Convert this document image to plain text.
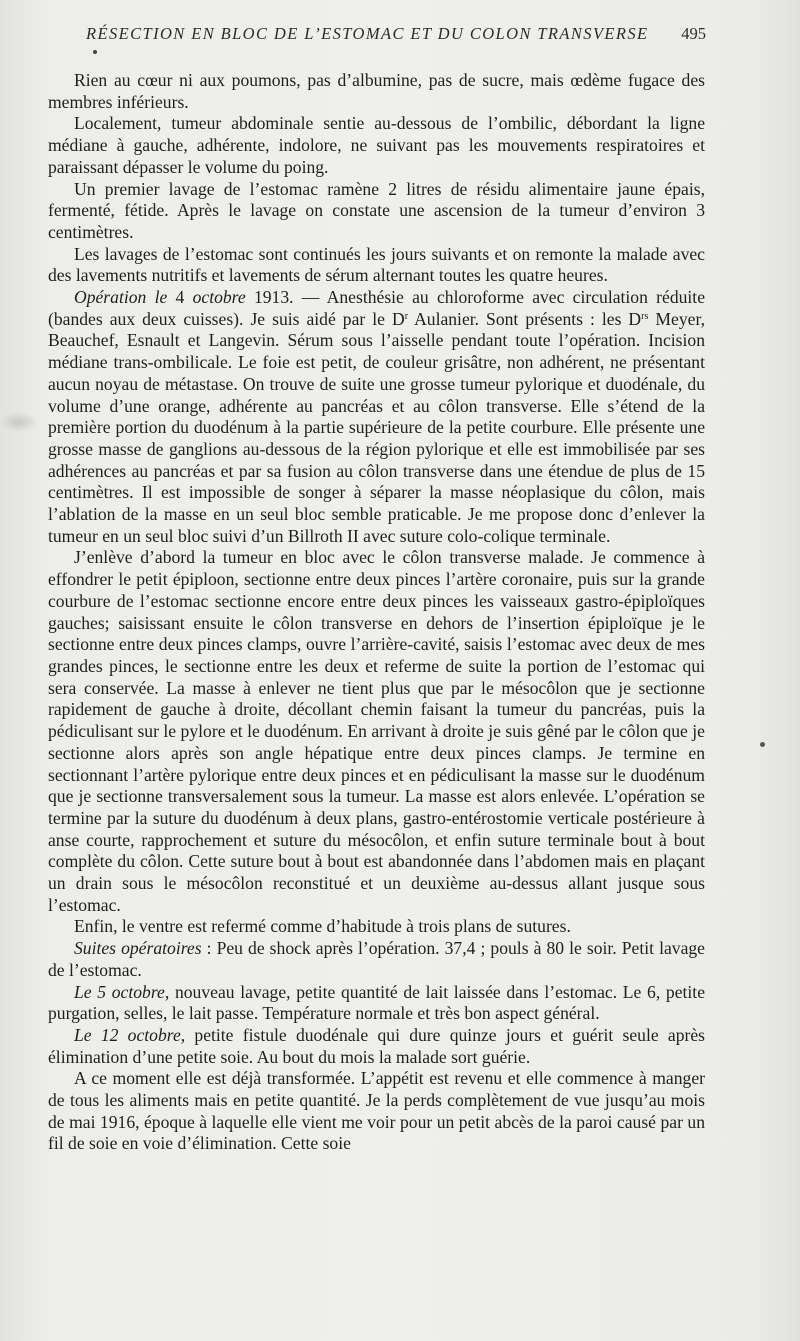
RÉSECTION EN BLOC DE L’ESTOMAC ET DU COLON TRANSVERSE 495

Rien au cœur ni aux poumons, pas d’albumine, pas de sucre, mais œdème fugace des membres inférieurs.

Localement, tumeur abdominale sentie au-dessous de l’ombilic, débordant la ligne médiane à gauche, adhérente, indolore, ne suivant pas les mouvements respiratoires et paraissant dépasser le volume du poing.

Un premier lavage de l’estomac ramène 2 litres de résidu alimentaire jaune épais, fermenté, fétide. Après le lavage on constate une ascension de la tumeur d’environ 3 centimètres.

Les lavages de l’estomac sont continués les jours suivants et on remonte la malade avec des lavements nutritifs et lavements de sérum alternant toutes les quatre heures.

Opération le 4 octobre 1913. — Anesthésie au chloroforme avec circulation réduite (bandes aux deux cuisses). Je suis aidé par le $D^r$ Aulanier. Sont présents : les $D^{rs}$ Meyer, Beauchef, Esnault et Langevin. Sérum sous l’aisselle pendant toute l’opération. Incision médiane trans-ombilicale. Le foie est petit, de couleur grisâtre, non adhérent, ne présentant aucun noyau de métastase. On trouve de suite une grosse tumeur pylorique et duodénale, du volume d’une orange, adhérente au pancréas et au côlon transverse. Elle s’étend de la première portion du duodénum à la partie supérieure de la petite courbure. Elle présente une grosse masse de ganglions au-dessous de la région pylorique et elle est immobilisée par ses adhérences au pancréas et par sa fusion au côlon transverse dans une étendue de plus de 15 centimètres. Il est impossible de songer à séparer la masse néoplasique du côlon, mais l’ablation de la masse en un seul bloc semble praticable. Je me propose donc d’enlever la tumeur en un seul bloc suivi d’un Billroth II avec suture colo-colique terminale.

J’enlève d’abord la tumeur en bloc avec le côlon transverse malade. Je commence à effondrer le petit épiploon, sectionne entre deux pinces l’artère coronaire, puis sur la grande courbure de l’estomac sectionne encore entre deux pinces les vaisseaux gastro-épiploïques gauches; saisissant ensuite le côlon transverse en dehors de l’insertion épiploïque je le sectionne entre deux pinces clamps, ouvre l’arrière-cavité, saisis l’estomac avec deux de mes grandes pinces, le sectionne entre les deux et referme de suite la portion de l’estomac qui sera conservée. La masse à enlever ne tient plus que par le mésocôlon que je sectionne rapidement de gauche à droite, décollant chemin faisant la tumeur du pancréas, puis la pédiculisant sur le pylore et le duodénum. En arrivant à droite je suis gêné par le côlon que je sectionne alors après son angle hépatique entre deux pinces clamps. Je termine en sectionnant l’artère pylorique entre deux pinces et en pédiculisant la masse sur le duodénum que je sectionne transversalement sous la tumeur. La masse est alors enlevée. L’opération se termine par la suture du duodénum à deux plans, gastro-entérostomie verticale postérieure à anse courte, rapprochement et suture du mésocôlon, et enfin suture terminale bout à bout complète du côlon. Cette suture bout à bout est abandonnée dans l’abdomen mais en plaçant un drain sous le mésocôlon reconstitué et un deuxième au-dessus allant jusque sous l’estomac.

Enfin, le ventre est refermé comme d’habitude à trois plans de sutures.

Suites opératoires : Peu de shock après l’opération. 37,4 ; pouls à 80 le soir. Petit lavage de l’estomac.

Le 5 octobre, nouveau lavage, petite quantité de lait laissée dans l’estomac. Le 6, petite purgation, selles, le lait passe. Température normale et très bon aspect général.

Le 12 octobre, petite fistule duodénale qui dure quinze jours et guérit seule après élimination d’une petite soie. Au bout du mois la malade sort guérie.

A ce moment elle est déjà transformée. L’appétit est revenu et elle commence à manger de tous les aliments mais en petite quantité. Je la perds complètement de vue jusqu’au mois de mai 1916, époque à laquelle elle vient me voir pour un petit abcès de la paroi causé par un fil de soie en voie d’élimination. Cette soie
